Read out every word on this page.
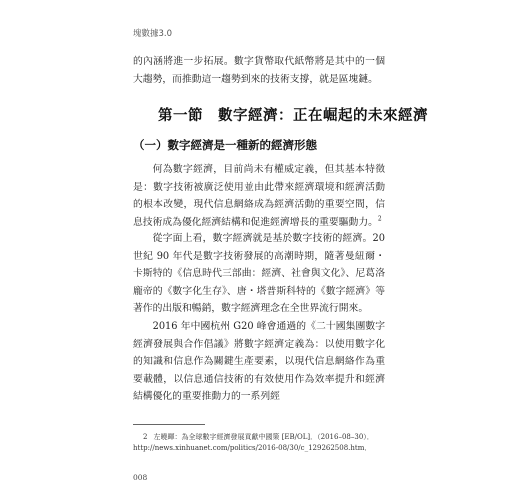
塊數據3.0
的內涵將進一步拓展。數字貨幣取代紙幣將是其中的一個大趨勢，而推動這一趨勢到來的技術支撐，就是區塊鏈。
第一節　數字經濟：正在崛起的未來經濟
（一）數字經濟是一種新的經濟形態
何為數字經濟，目前尚未有權威定義，但其基本特徵是：數字技術被廣泛使用並由此帶來經濟環境和經濟活動的根本改變，現代信息網絡成為經濟活動的重要空間，信息技術成為優化經濟結構和促進經濟增長的重要驅動力。$^2$
從字面上看，數字經濟就是基於數字技術的經濟。20 世紀 90 年代是數字技術發展的高潮時期，隨著曼紐爾・卡斯特的《信息時代三部曲：經濟、社會與文化》、尼葛洛龐帝的《數字化生存》、唐・塔普斯科特的《數字經濟》等著作的出版和暢銷，數字經濟理念在全世界流行開來。
2016 年中國杭州 G20 峰會通過的《二十國集團數字經濟發展與合作倡議》將數字經濟定義為：以使用數字化的知識和信息作為關鍵生產要素，以現代信息網絡作為重要載體，以信息通信技術的有效使用作為效率提升和經濟結構優化的重要推動力的一系列經
2 左曉暉：為全球數字經濟發展貢獻中國策 [EB/OL]．（2016–08–30）．
http://news.xinhuanet.com/politics/2016-08/30/c_129262508.htm．
008
